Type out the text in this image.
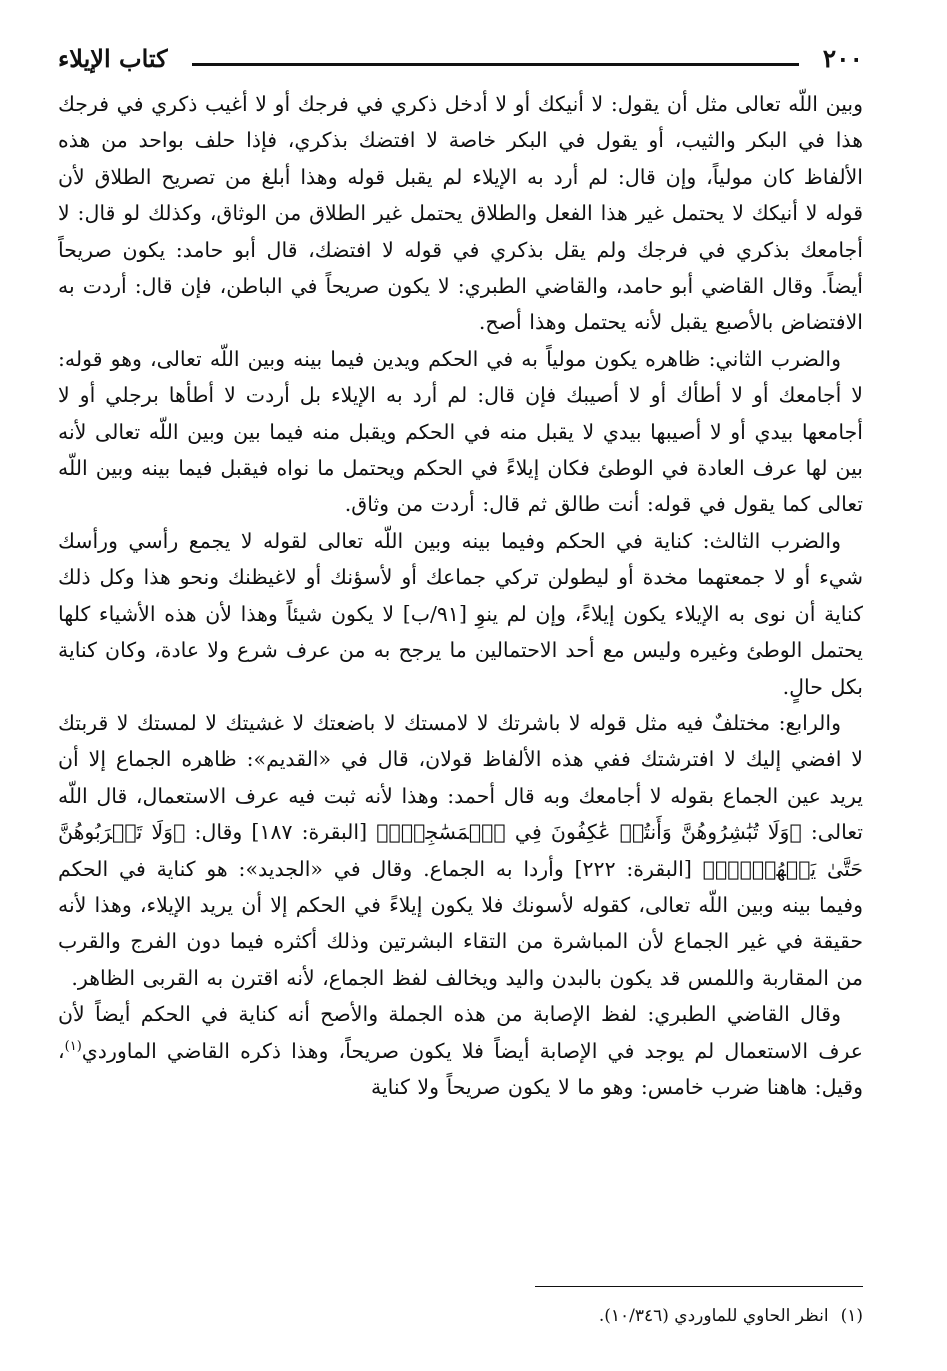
٢٠٠
كتاب الإيلاء

وبين اللّه تعالى مثل أن يقول: لا أنيكك أو لا أدخل ذكري في فرجك أو لا أغيب ذكري في فرجك هذا في البكر والثيب، أو يقول في البكر خاصة لا افتضك بذكري، فإذا حلف بواحد من هذه الألفاظ كان مولياً، وإن قال: لم أرد به الإيلاء لم يقبل قوله وهذا أبلغ من تصريح الطلاق لأن قوله لا أنيكك لا يحتمل غير هذا الفعل والطلاق يحتمل غير الطلاق من الوثاق، وكذلك لو قال: لا أجامعك بذكري في فرجك ولم يقل بذكري في قوله لا افتضك، قال أبو حامد: يكون صريحاً أيضاً. وقال القاضي أبو حامد، والقاضي الطبري: لا يكون صريحاً في الباطن، فإن قال: أردت به الافتضاض بالأصبع يقبل لأنه يحتمل وهذا أصح.

والضرب الثاني: ظاهره يكون مولياً به في الحكم ويدين فيما بينه وبين اللّه تعالى، وهو قوله: لا أجامعك أو لا أطأك أو لا أصيبك فإن قال: لم أرد به الإيلاء بل أردت لا أطأها برجلي أو لا أجامعها بيدي أو لا أصيبها بيدي لا يقبل منه في الحكم ويقبل منه فيما بين وبين اللّه تعالى لأنه بين لها عرف العادة في الوطئ فكان إيلاءً في الحكم ويحتمل ما نواه فيقبل فيما بينه وبين اللّه تعالى كما يقول في قوله: أنت طالق ثم قال: أردت من وثاق.

والضرب الثالث: كناية في الحكم وفيما بينه وبين اللّه تعالى لقوله لا يجمع رأسي ورأسك شيء أو لا جمعتهما مخدة أو ليطولن تركي جماعك أو لأسؤنك أو لاغيظنك ونحو هذا وكل ذلك كناية أن نوى به الإيلاء يكون إيلاءً، وإن لم ينوِ [٩١/ب] لا يكون شيئاً وهذا لأن هذه الأشياء كلها يحتمل الوطئ وغيره وليس مع أحد الاحتمالين ما يرجح به من عرف شرع ولا عادة، وكان كناية بكل حالٍ.

والرابع: مختلفٌ فيه مثل قوله لا باشرتك لا لامستك لا باضعتك لا غشيتك لا لمستك لا قربتك لا افضي إليك لا افترشتك ففي هذه الألفاظ قولان، قال في «القديم»: ظاهره الجماع إلا أن يريد عين الجماع بقوله لا أجامعك وبه قال أحمد: وهذا لأنه ثبت فيه عرف الاستعمال، قال اللّه تعالى: ﴿وَلَا تُبَٰشِرُوهُنَّ وَأَنتُمۡ عَٰكِفُونَ فِي ٱلۡمَسَٰجِدِۗ﴾ [البقرة: ١٨٧] وقال: ﴿وَلَا تَقۡرَبُوهُنَّ حَتَّىٰ يَطۡهُرۡنَۖ﴾ [البقرة: ٢٢٢] وأردا به الجماع. وقال في «الجديد»: هو كناية في الحكم وفيما بينه وبين اللّه تعالى، كقوله لأسونك فلا يكون إيلاءً في الحكم إلا أن يريد الإيلاء، وهذا لأنه حقيقة في غير الجماع لأن المباشرة من التقاء البشرتين وذلك أكثره فيما دون الفرج والقرب من المقاربة واللمس قد يكون بالبدن واليد ويخالف لفظ الجماع، لأنه اقترن به القربى الظاهر.

وقال القاضي الطبري: لفظ الإصابة من هذه الجملة والأصح أنه كناية في الحكم أيضاً لأن عرف الاستعمال لم يوجد في الإصابة أيضاً فلا يكون صريحاً، وهذا ذكره القاضي الماوردي$^{(١)}$، وقيل: هاهنا ضرب خامس: وهو ما لا يكون صريحاً ولا كناية

(١)انظر الحاوي للماوردي (١٠/٣٤٦).
